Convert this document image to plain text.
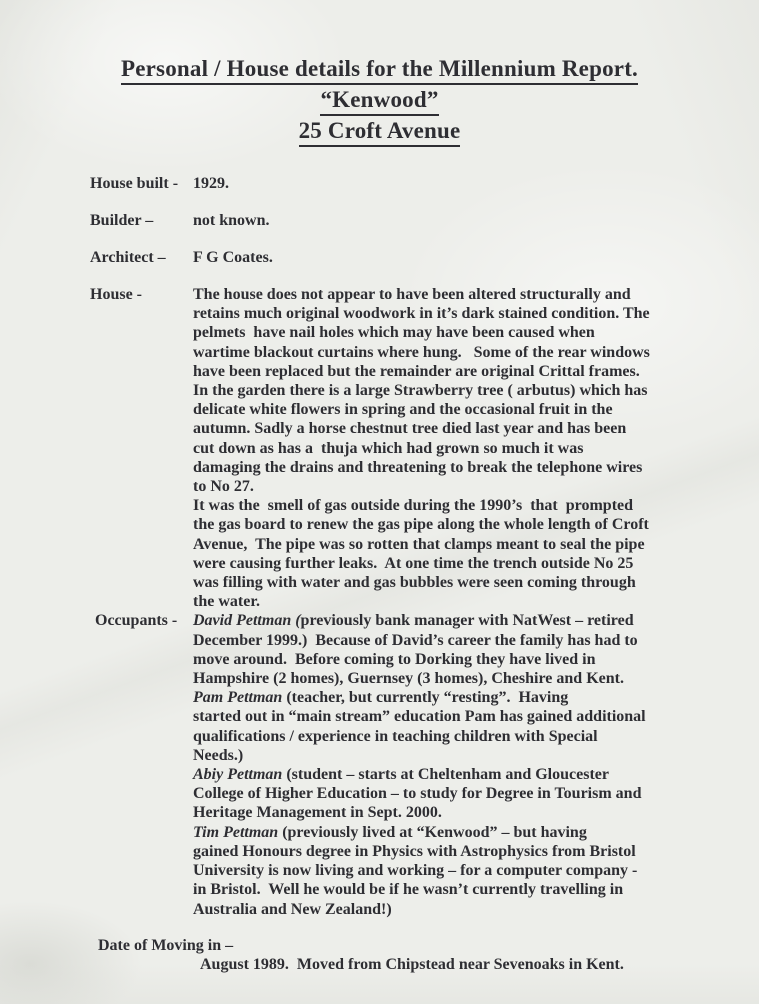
Personal / House details for the Millennium Report.
“Kenwood”
25 Croft Avenue
House built - 1929.
Builder –	not known.
Architect –	F G Coates.
House -	The house does not appear to have been altered structurally and
retains much original woodwork in it’s dark stained condition. The
pelmets  have nail holes which may have been caused when
wartime blackout curtains where hung.   Some of the rear windows
have been replaced but the remainder are original Crittal frames.
In the garden there is a large Strawberry tree ( arbutus) which has
delicate white flowers in spring and the occasional fruit in the
autumn. Sadly a horse chestnut tree died last year and has been
cut down as has a  thuja which had grown so much it was
damaging the drains and threatening to break the telephone wires
to No 27.
It was the  smell of gas outside during the 1990’s  that  prompted
the gas board to renew the gas pipe along the whole length of Croft
Avenue,  The pipe was so rotten that clamps meant to seal the pipe
were causing further leaks.  At one time the trench outside No 25
was filling with water and gas bubbles were seen coming through
the water.
Occupants - David Pettman (previously bank manager with NatWest – retired
December 1999.)  Because of David’s career the family has had to
move around.  Before coming to Dorking they have lived in
Hampshire (2 homes), Guernsey (3 homes), Cheshire and Kent.
Pam Pettman (teacher, but currently “resting”.  Having
started out in “main stream” education Pam has gained additional
qualifications / experience in teaching children with Special
Needs.)
Abiy Pettman (student – starts at Cheltenham and Gloucester
College of Higher Education – to study for Degree in Tourism and
Heritage Management in Sept. 2000.
Tim Pettman (previously lived at “Kenwood” – but having
gained Honours degree in Physics with Astrophysics from Bristol
University is now living and working – for a computer company -
in Bristol.  Well he would be if he wasn’t currently travelling in
Australia and New Zealand!)
Date of Moving in –
August 1989.  Moved from Chipstead near Sevenoaks in Kent.
